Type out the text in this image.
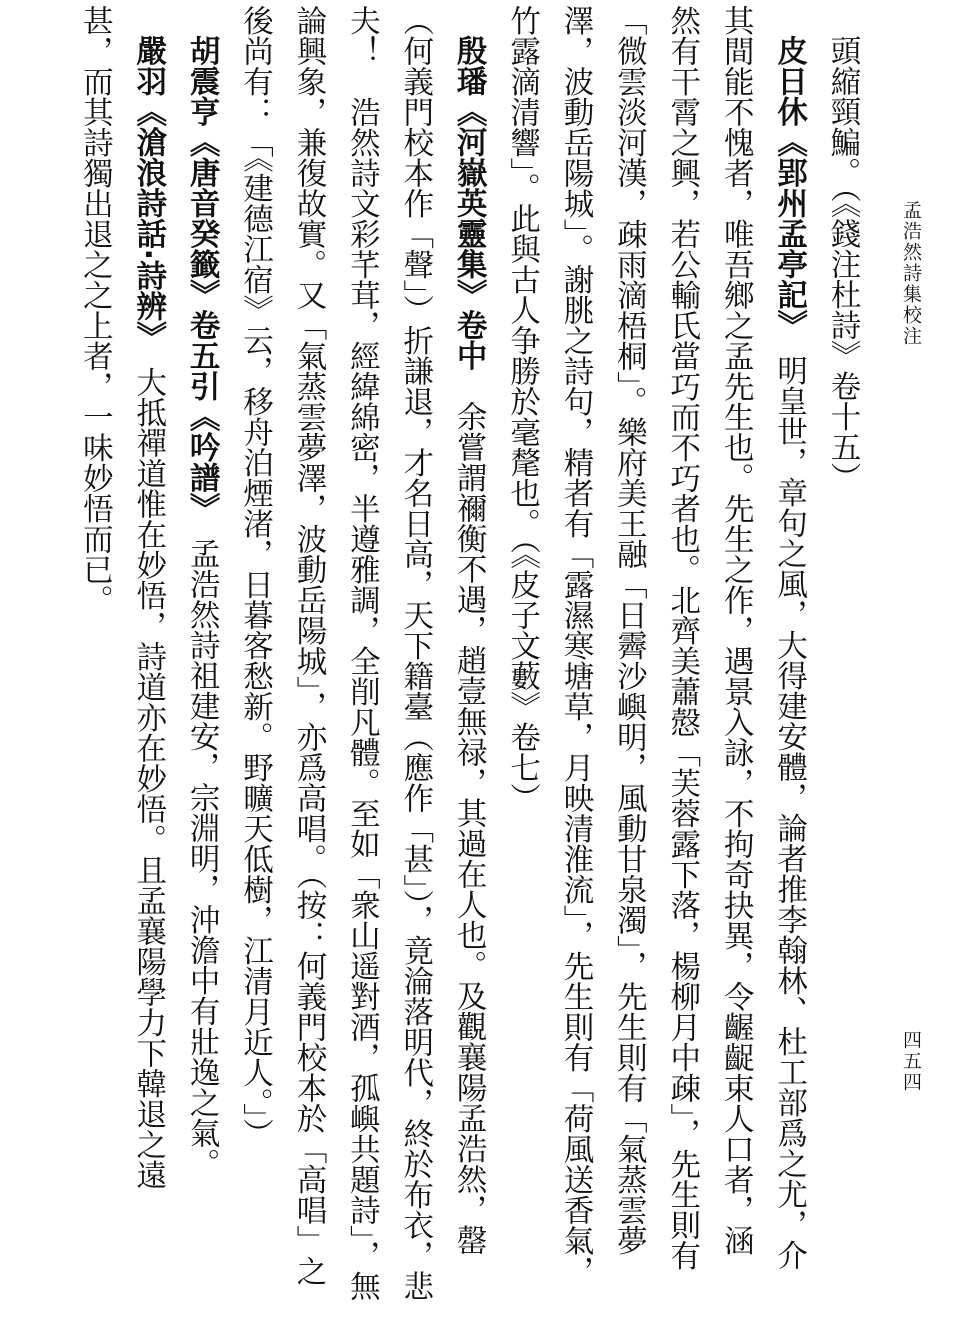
孟浩然詩集校注
四五四
頭縮頸鯿。（《錢注杜詩》卷十五）
皮日休《郢州孟亭記》　明皇世，章句之風，大得建安體，論者推李翰林、杜工部爲之尤，介
其間能不愧者，唯吾鄉之孟先生也。先生之作，遇景入詠，不拘奇抉異，令齷齪束人口者，涵
然有干霄之興，若公輸氏當巧而不巧者也。北齊美蕭慤「芙蓉露下落，楊柳月中疎」，先生則有
「微雲淡河漢，疎雨滴梧桐」。樂府美王融「日霽沙嶼明，風動甘泉濁」，先生則有「氣蒸雲夢
澤，波動岳陽城」。謝朓之詩句，精者有「露濕寒塘草，月映清淮流」，先生則有「荷風送香氣，
竹露滴清響」。此與古人争勝於毫氂也。（《皮子文藪》卷七）
殷璠《河嶽英靈集》卷中　余嘗謂禰衡不遇，趙壹無禄，其過在人也。及觀襄陽孟浩然，罄
（何義門校本作「聲」）折謙退，才名日高，天下籍臺（應作「甚」），竟淪落明代，終於布衣，悲
夫！　浩然詩文彩芊茸，經緯綿密，半遵雅調，全削凡體。至如「衆山遥對酒，孤嶼共題詩」，無
論興象，兼復故實。又「氣蒸雲夢澤，波動岳陽城」，亦爲高唱。（按：何義門校本於「高唱」之
後尚有：「《建德江宿》云，移舟泊煙渚，日暮客愁新。野曠天低樹，江清月近人。」）
胡震亨《唐音癸籤》卷五引《吟譜》　孟浩然詩祖建安，宗淵明，沖澹中有壯逸之氣。
嚴羽《滄浪詩話·詩辨》　大抵禪道惟在妙悟，詩道亦在妙悟。且孟襄陽學力下韓退之遠
甚，而其詩獨出退之之上者，一味妙悟而已。
